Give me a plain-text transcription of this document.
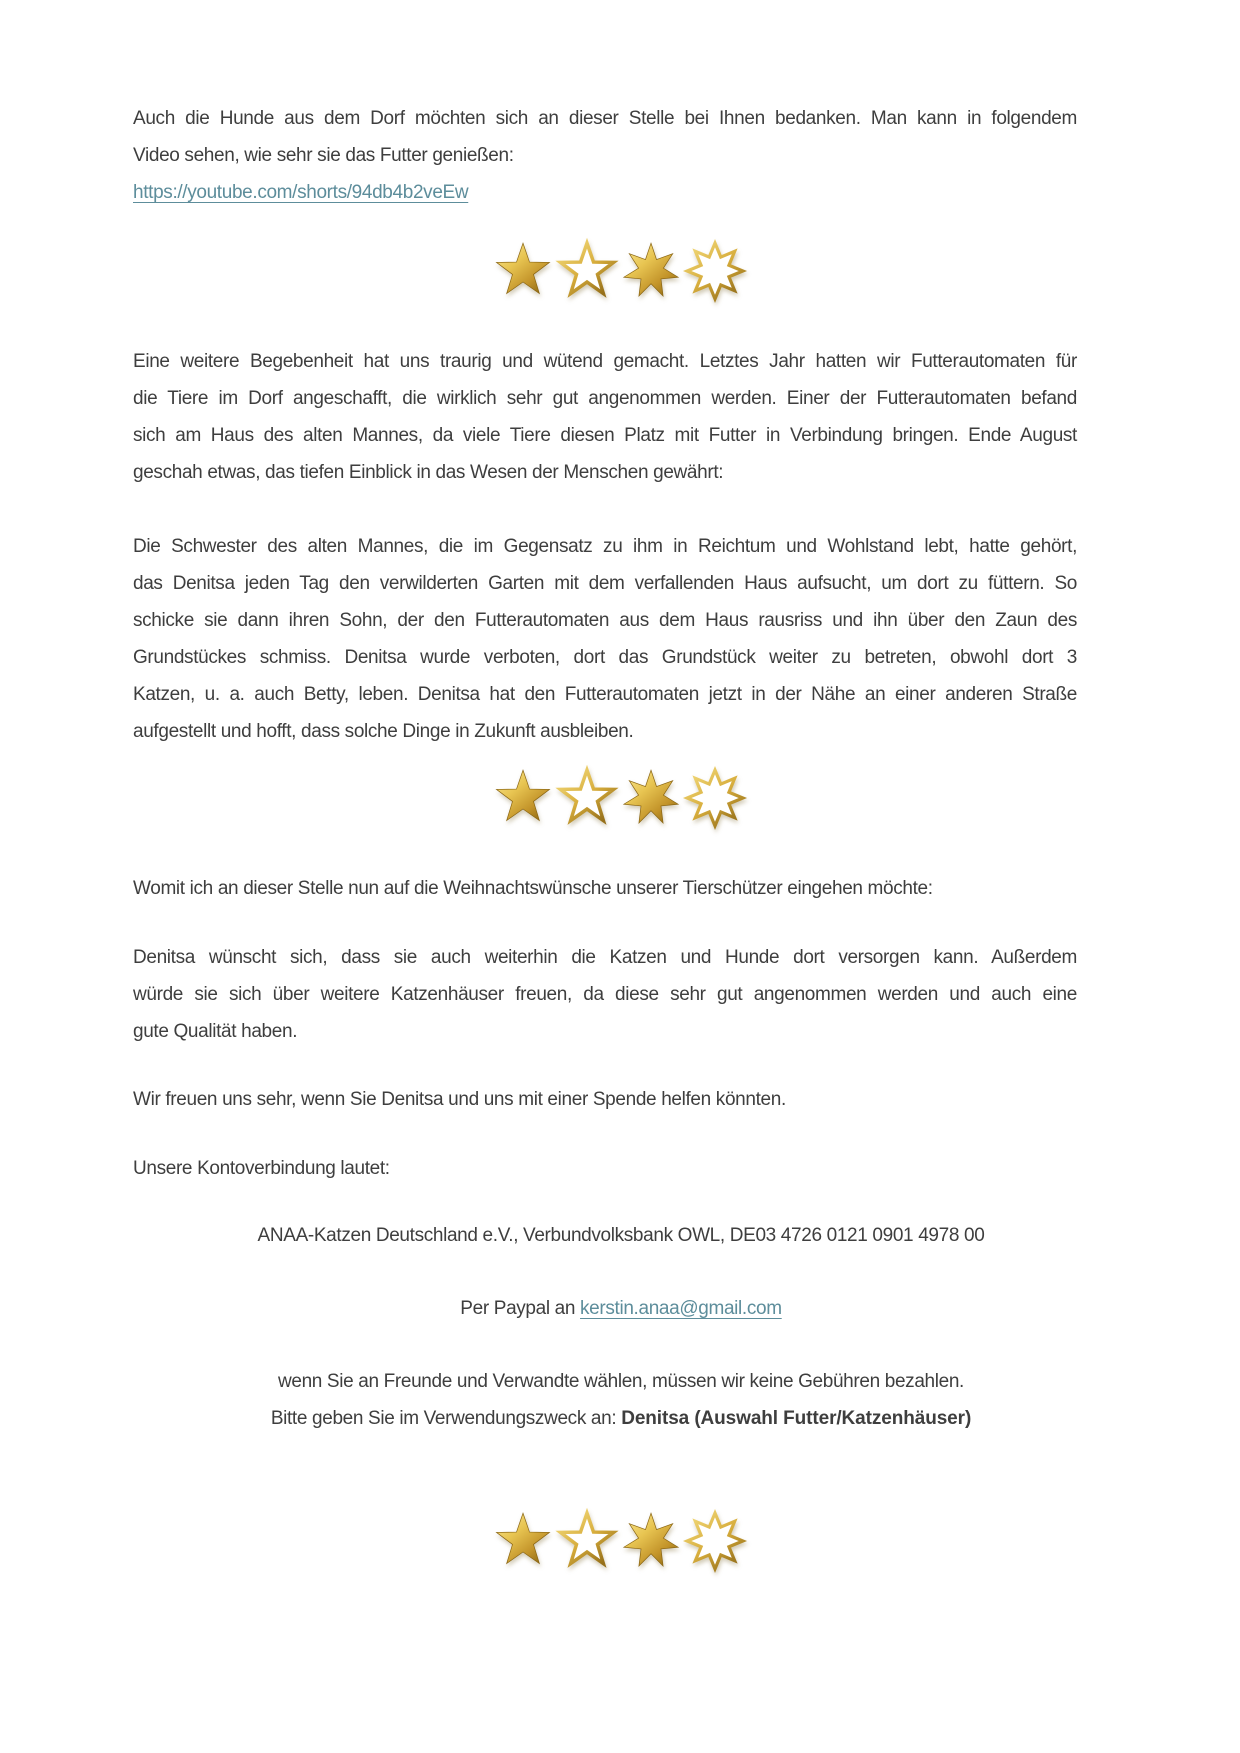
Auch die Hunde aus dem Dorf möchten sich an dieser Stelle bei Ihnen bedanken. Man kann in folgendem
Video sehen, wie sehr sie das Futter genießen:
https://youtube.com/shorts/94db4b2veEw
Eine weitere Begebenheit hat uns traurig und wütend gemacht. Letztes Jahr hatten wir Futterautomaten für
die Tiere im Dorf angeschafft, die wirklich sehr gut angenommen werden. Einer der Futterautomaten befand
sich am Haus des alten Mannes, da viele Tiere diesen Platz mit Futter in Verbindung bringen. Ende August
geschah etwas, das tiefen Einblick in das Wesen der Menschen gewährt:
Die Schwester des alten Mannes, die im Gegensatz zu ihm in Reichtum und Wohlstand lebt, hatte gehört,
das Denitsa jeden Tag den verwilderten Garten mit dem verfallenden Haus aufsucht, um dort zu füttern. So
schicke sie dann ihren Sohn, der den Futterautomaten aus dem Haus rausriss und ihn über den Zaun des
Grundstückes schmiss. Denitsa wurde verboten, dort das Grundstück weiter zu betreten, obwohl dort 3
Katzen, u. a. auch Betty, leben. Denitsa hat den Futterautomaten jetzt in der Nähe an einer anderen Straße
aufgestellt und hofft, dass solche Dinge in Zukunft ausbleiben.
Womit ich an dieser Stelle nun auf die Weihnachtswünsche unserer Tierschützer eingehen möchte:
Denitsa wünscht sich, dass sie auch weiterhin die Katzen und Hunde dort versorgen kann. Außerdem
würde sie sich über weitere Katzenhäuser freuen, da diese sehr gut angenommen werden und auch eine
gute Qualität haben.
Wir freuen uns sehr, wenn Sie Denitsa und uns mit einer Spende helfen könnten.
Unsere Kontoverbindung lautet:
ANAA-Katzen Deutschland e.V., Verbundvolksbank OWL, DE03 4726 0121 0901 4978 00
Per Paypal an kerstin.anaa@gmail.com
wenn Sie an Freunde und Verwandte wählen, müssen wir keine Gebühren bezahlen.
Bitte geben Sie im Verwendungszweck an: Denitsa (Auswahl Futter/Katzenhäuser)
